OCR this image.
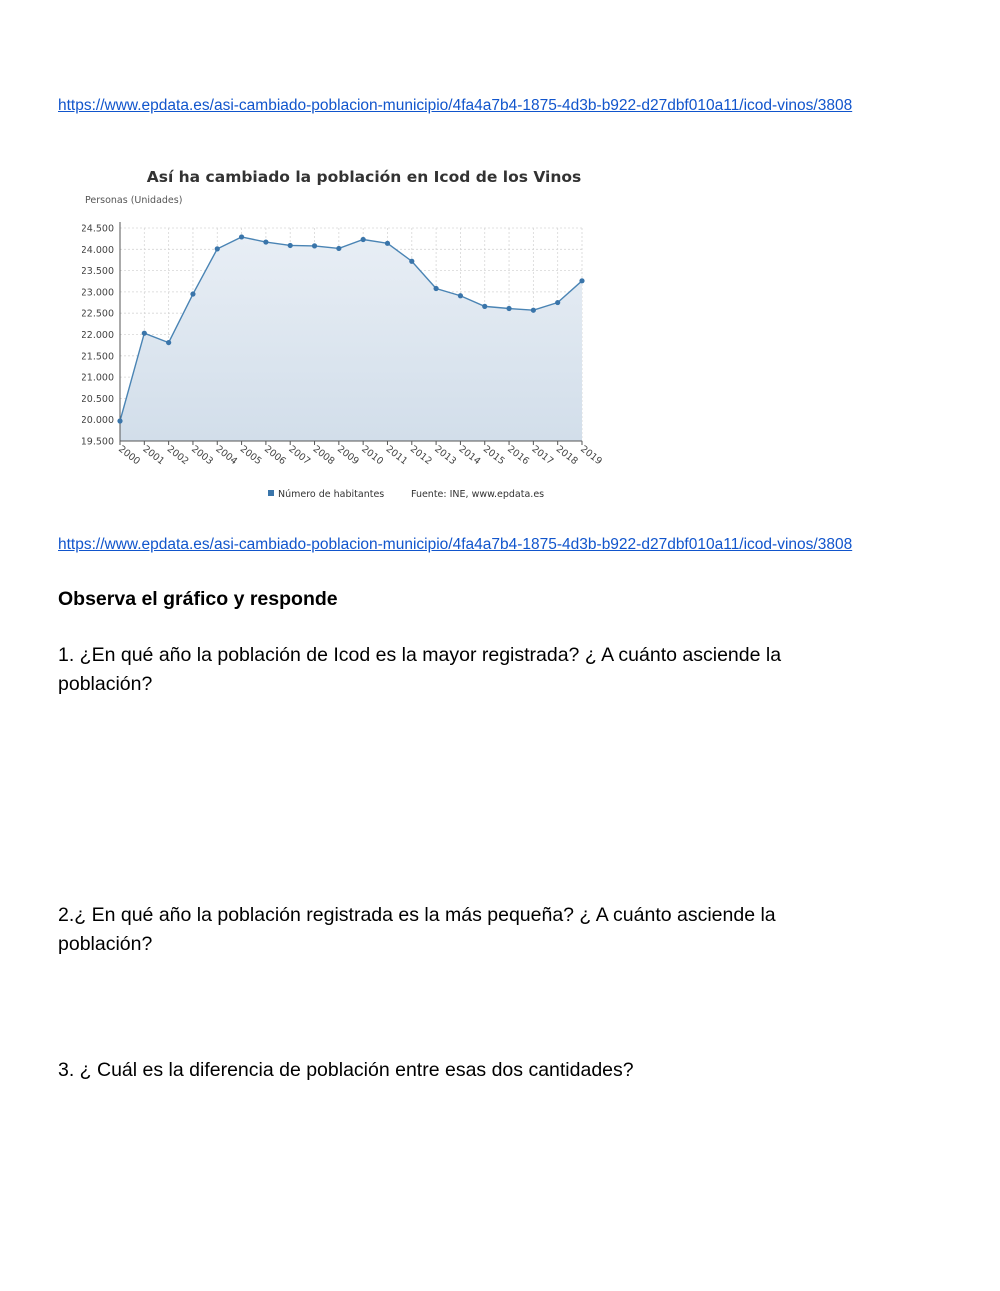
https://www.epdata.es/asi-cambiado-poblacion-municipio/4fa4a7b4-1875-4d3b-b922-d27dbf010a11/icod-vinos/3808
Así ha cambiado la población en Icod de los Vinos
Personas (Unidades)
24.500
24.000
23.500
23.000
22.500
22.000
21.500
21.000
20.500
20.000
19.500
2000
2001
2002
2003
2004
2005
2006
2007
2008
2009
2010
2011
2012
2013
2014
2015
2016
2017
2018
2019
Número de habitantes	Fuente: INE, www.epdata.es
https://www.epdata.es/asi-cambiado-poblacion-municipio/4fa4a7b4-1875-4d3b-b922-d27dbf010a11/icod-vinos/3808
Observa el gráfico y responde
1. ¿En qué año la población de Icod es la mayor registrada? ¿ A cuánto asciende la población?
2.¿ En qué año la población registrada es la más pequeña? ¿ A cuánto asciende la población?
3. ¿ Cuál es la diferencia de población entre esas dos cantidades?
